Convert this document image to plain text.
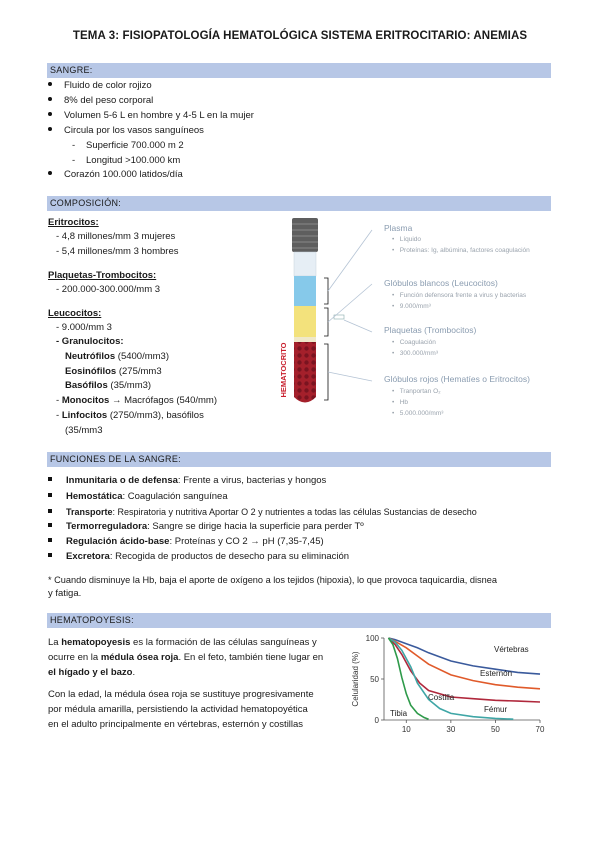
TEMA 3: FISIOPATOLOGÍA HEMATOLÓGICA SISTEMA ERITROCITARIO: ANEMIAS
SANGRE:
Fluido de color rojizo
8% del peso corporal
Volumen 5-6 L en hombre y 4-5 L en la mujer
Circula por los vasos sanguíneos
- Superficie 700.000 m 2
- Longitud >100.000 km
Corazón 100.000 latidos/día
COMPOSICIÓN:
Eritrocitos:
- 4,8 millones/mm 3 mujeres
- 5,4 millones/mm 3 hombres
Plaquetas-Trombocitos:
- 200.000-300.000/mm 3
Leucocitos:
- 9.000/mm 3
- Granulocitos:
Neutrófilos (5400/mm3)
Eosinófilos (275/mm3
Basófilos (35/mm3)
- Monocitos → Macrófagos (540/mm)
- Linfocitos (2750/mm3), basófilos
(35/mm3
HEMATOCRITO
Plasma
•   Líquido
•   Proteínas: Ig, albúmina, factores coagulación
Glóbulos blancos (Leucocitos)
•   Función defensora frente a virus y bacterias
•   9.000/mm³
Plaquetas (Trombocitos)
•   Coagulación
•   300.000/mm³
Glóbulos rojos (Hematíes o Eritrocitos)
•   Tranportan O₂
•   Hb
•   5.000.000/mm³
FUNCIONES DE LA SANGRE:
Inmunitaria o de defensa: Frente a virus, bacterias y hongos
Hemostática: Coagulación sanguínea
Transporte: Respiratoria y nutritiva Aportar O 2 y nutrientes a todas las células Sustancias de desecho
Termorreguladora: Sangre se dirige hacia la superficie para perder Tº
Regulación ácido-base: Proteínas y CO 2 → pH (7,35-7,45)
Excretora: Recogida de productos de desecho para su eliminación
* Cuando disminuye la Hb, baja el aporte de oxígeno a los tejidos (hipoxia), lo que provoca taquicardia, disnea
y fatiga.
HEMATOPOYESIS:
La hematopoyesis es la formación de las células sanguíneas y
ocurre en la médula ósea roja. En el feto, también tiene lugar en
el hígado y el bazo.
Con la edad, la médula ósea roja se sustituye progresivamente
por médula amarilla, persistiendo la actividad hematopoyética
en el adulto principalmente en vértebras, esternón y costillas
Celularidad (%)
10	30	50	70
0
50
100
Vértebras
Esternón
Costilla
Fémur
Tibia
